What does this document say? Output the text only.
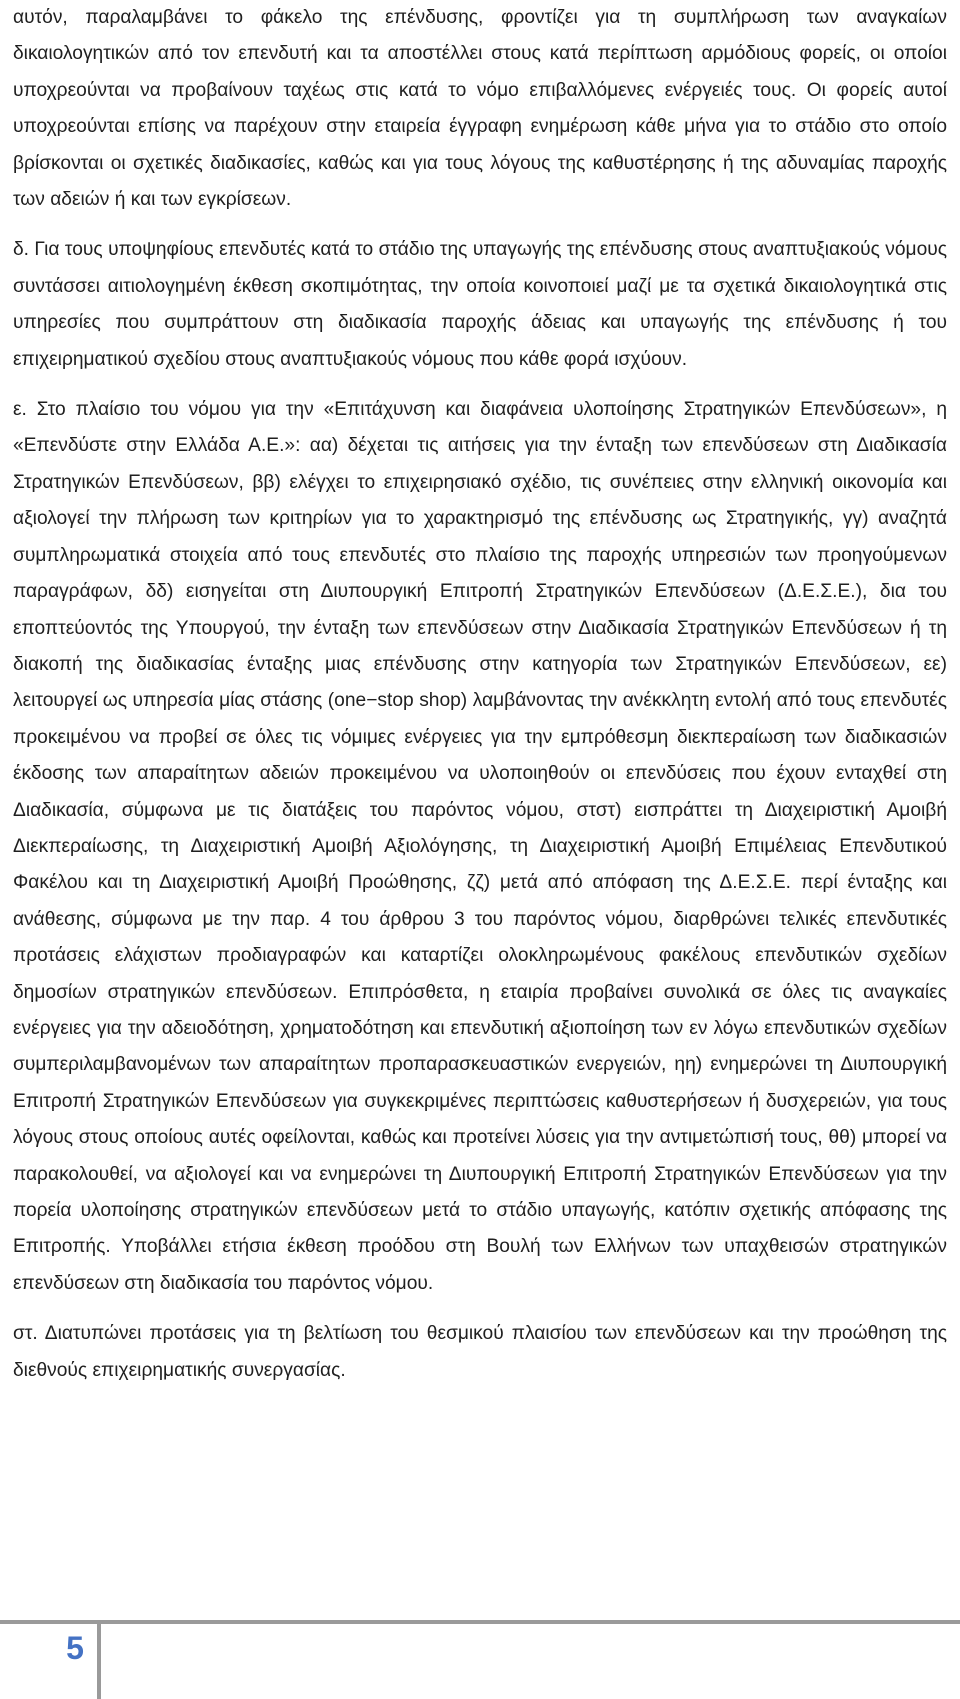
αυτόν, παραλαμβάνει το φάκελο της επένδυσης, φροντίζει για τη συμπλήρωση των αναγκαίων δικαιολογητικών από τον επενδυτή και τα αποστέλλει στους κατά περίπτωση αρμόδιους φορείς, οι οποίοι υποχρεούνται να προβαίνουν ταχέως στις κατά το νόμο επιβαλλόμενες ενέργειές τους. Οι φορείς αυτοί υποχρεούνται επίσης να παρέχουν στην εταιρεία έγγραφη ενημέρωση κάθε μήνα για το στάδιο στο οποίο βρίσκονται οι σχετικές διαδικασίες, καθώς και για τους λόγους της καθυστέρησης ή της αδυναμίας παροχής των αδειών ή και των εγκρίσεων.

δ. Για τους υποψηφίους επενδυτές κατά το στάδιο της υπαγωγής της επένδυσης στους αναπτυξιακούς νόμους συντάσσει αιτιολογημένη έκθεση σκοπιμότητας, την οποία κοινοποιεί μαζί με τα σχετικά δικαιολογητικά στις υπηρεσίες που συμπράττουν στη διαδικασία παροχής άδειας και υπαγωγής της επένδυσης ή του επιχειρηματικού σχεδίου στους αναπτυξιακούς νόμους που κάθε φορά ισχύουν.

ε. Στο πλαίσιο του νόμου για την «Επιτάχυνση και διαφάνεια υλοποίησης Στρατηγικών Επενδύσεων», η «Επενδύστε στην Ελλάδα Α.Ε.»: αα) δέχεται τις αιτήσεις για την ένταξη των επενδύσεων στη Διαδικασία Στρατηγικών Επενδύσεων, ββ) ελέγχει το επιχειρησιακό σχέδιο, τις συνέπειες στην ελληνική οικονομία και αξιολογεί την πλήρωση των κριτηρίων για το χαρακτηρισμό της επένδυσης ως Στρατηγικής, γγ) αναζητά συμπληρωματικά στοιχεία από τους επενδυτές στο πλαίσιο της παροχής υπηρεσιών των προηγούμενων παραγράφων, δδ) εισηγείται στη Διυπουργική Επιτροπή Στρατηγικών Επενδύσεων (Δ.Ε.Σ.Ε.), δια του εποπτεύοντός της Υπουργού, την ένταξη των επενδύσεων στην Διαδικασία Στρατηγικών Επενδύσεων ή τη διακοπή της διαδικασίας ένταξης μιας επένδυσης στην κατηγορία των Στρατηγικών Επενδύσεων, εε) λειτουργεί ως υπηρεσία μίας στάσης (one−stop shop) λαμβάνοντας την ανέκκλητη εντολή από τους επενδυτές προκειμένου να προβεί σε όλες τις νόμιμες ενέργειες για την εμπρόθεσμη διεκπεραίωση των διαδικασιών έκδοσης των απαραίτητων αδειών προκειμένου να υλοποιηθούν οι επενδύσεις που έχουν ενταχθεί στη Διαδικασία, σύμφωνα με τις διατάξεις του παρόντος νόμου, στστ) εισπράττει τη Διαχειριστική Αμοιβή Διεκπεραίωσης, τη Διαχειριστική Αμοιβή Αξιολόγησης, τη Διαχειριστική Αμοιβή Επιμέλειας Επενδυτικού Φακέλου και τη Διαχειριστική Αμοιβή Προώθησης, ζζ) μετά από απόφαση της Δ.Ε.Σ.Ε. περί ένταξης και ανάθεσης, σύμφωνα με την παρ. 4 του άρθρου 3 του παρόντος νόμου, διαρθρώνει τελικές επενδυτικές προτάσεις ελάχιστων προδιαγραφών και καταρτίζει ολοκληρωμένους φακέλους επενδυτικών σχεδίων δημοσίων στρατηγικών επενδύσεων. Επιπρόσθετα, η εταιρία προβαίνει συνολικά σε όλες τις αναγκαίες ενέργειες για την αδειοδότηση, χρηματοδότηση και επενδυτική αξιοποίηση των εν λόγω επενδυτικών σχεδίων συμπεριλαμβανομένων των απαραίτητων προπαρασκευαστικών ενεργειών, ηη) ενημερώνει τη Διυπουργική Επιτροπή Στρατηγικών Επενδύσεων για συγκεκριμένες περιπτώσεις καθυστερήσεων ή δυσχερειών, για τους λόγους στους οποίους αυτές οφείλονται, καθώς και προτείνει λύσεις για την αντιμετώπισή τους, θθ) μπορεί να παρακολουθεί, να αξιολογεί και να ενημερώνει τη Διυπουργική Επιτροπή Στρατηγικών Επενδύσεων για την πορεία υλοποίησης στρατηγικών επενδύσεων μετά το στάδιο υπαγωγής, κατόπιν σχετικής απόφασης της Επιτροπής. Υποβάλλει ετήσια έκθεση προόδου στη Βουλή των Ελλήνων των υπαχθεισών στρατηγικών επενδύσεων στη διαδικασία του παρόντος νόμου.

στ. Διατυπώνει προτάσεις για τη βελτίωση του θεσμικού πλαισίου των επενδύσεων και την προώθηση της διεθνούς επιχειρηματικής συνεργασίας.

5
